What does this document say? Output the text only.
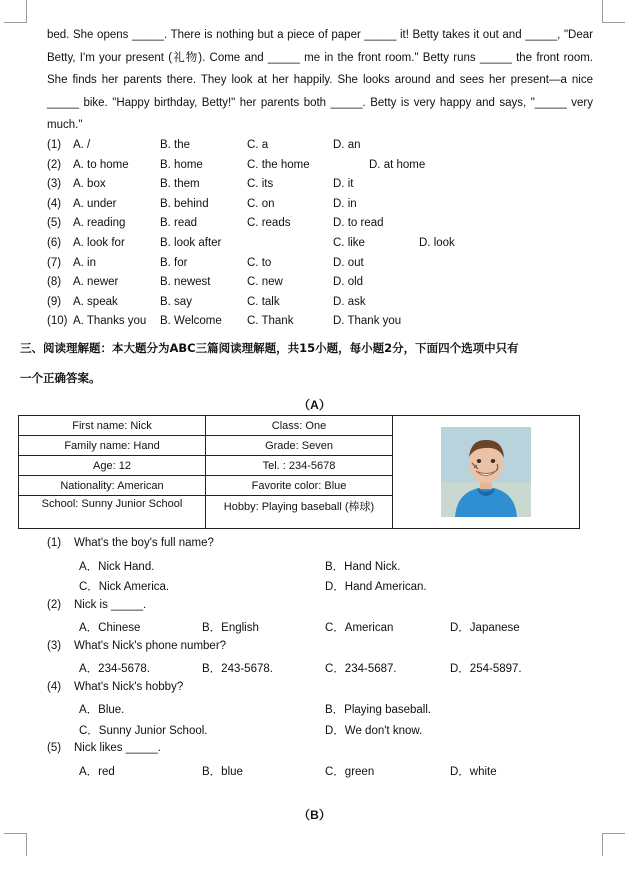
bed. She opens _____. There is nothing but a piece of paper _____ it! Betty takes it out and _____, "Dear Betty, I'm your present (礼物). Come and _____ me in the front room." Betty runs _____ the front room. She finds her parents there. They look at her happily. She looks around and sees her present—a nice _____ bike. "Happy birthday, Betty!" her parents both _____. Betty is very happy and says, "_____ very much."
(1) A. /	B. the	C. a	D. an
(2) A. to home	B. home	C. the home	D. at home
(3) A. box	B. them	C. its	D. it
(4) A. under	B. behind	C. on	D. in
(5) A. reading	B. read	C. reads	D. to read
(6) A. look for	B. look after	C. like	D. look
(7) A. in	B. for	C. to	D. out
(8) A. newer	B. newest	C. new	D. old
(9) A. speak	B. say	C. talk	D. ask
(10) A. Thanks you B. Welcome C. Thank	D. Thank you
三、阅读理解题：本大题分为ABC三篇阅读理解题，共15小题，每小题2分，下面四个选项中只有
一个正确答案。
（A）
First name: Nick	Class: One	

Family name: Hand	Grade: Seven	
Age: 12	Tel. : 234-5678	
Nationality: American	Favorite color: Blue	
School: Sunny Junior School	Hobby: Playing baseball (棒球)	
(1) What's the boy's full name?
A．Nick Hand.	B．Hand Nick.
C．Nick America.	D．Hand American.
(2) Nick is _____.
A．Chinese	B．English	C．American	D．Japanese
(3) What's Nick's phone number?
A．234-5678.	B．243-5678.	C．234-5687.	D．254-5897.
(4) What's Nick's hobby?
A．Blue.	B．Playing baseball.
C．Sunny Junior School.	D．We don't know.
(5) Nick likes _____.
A．red	B．blue	C．green	D．white
（B）
